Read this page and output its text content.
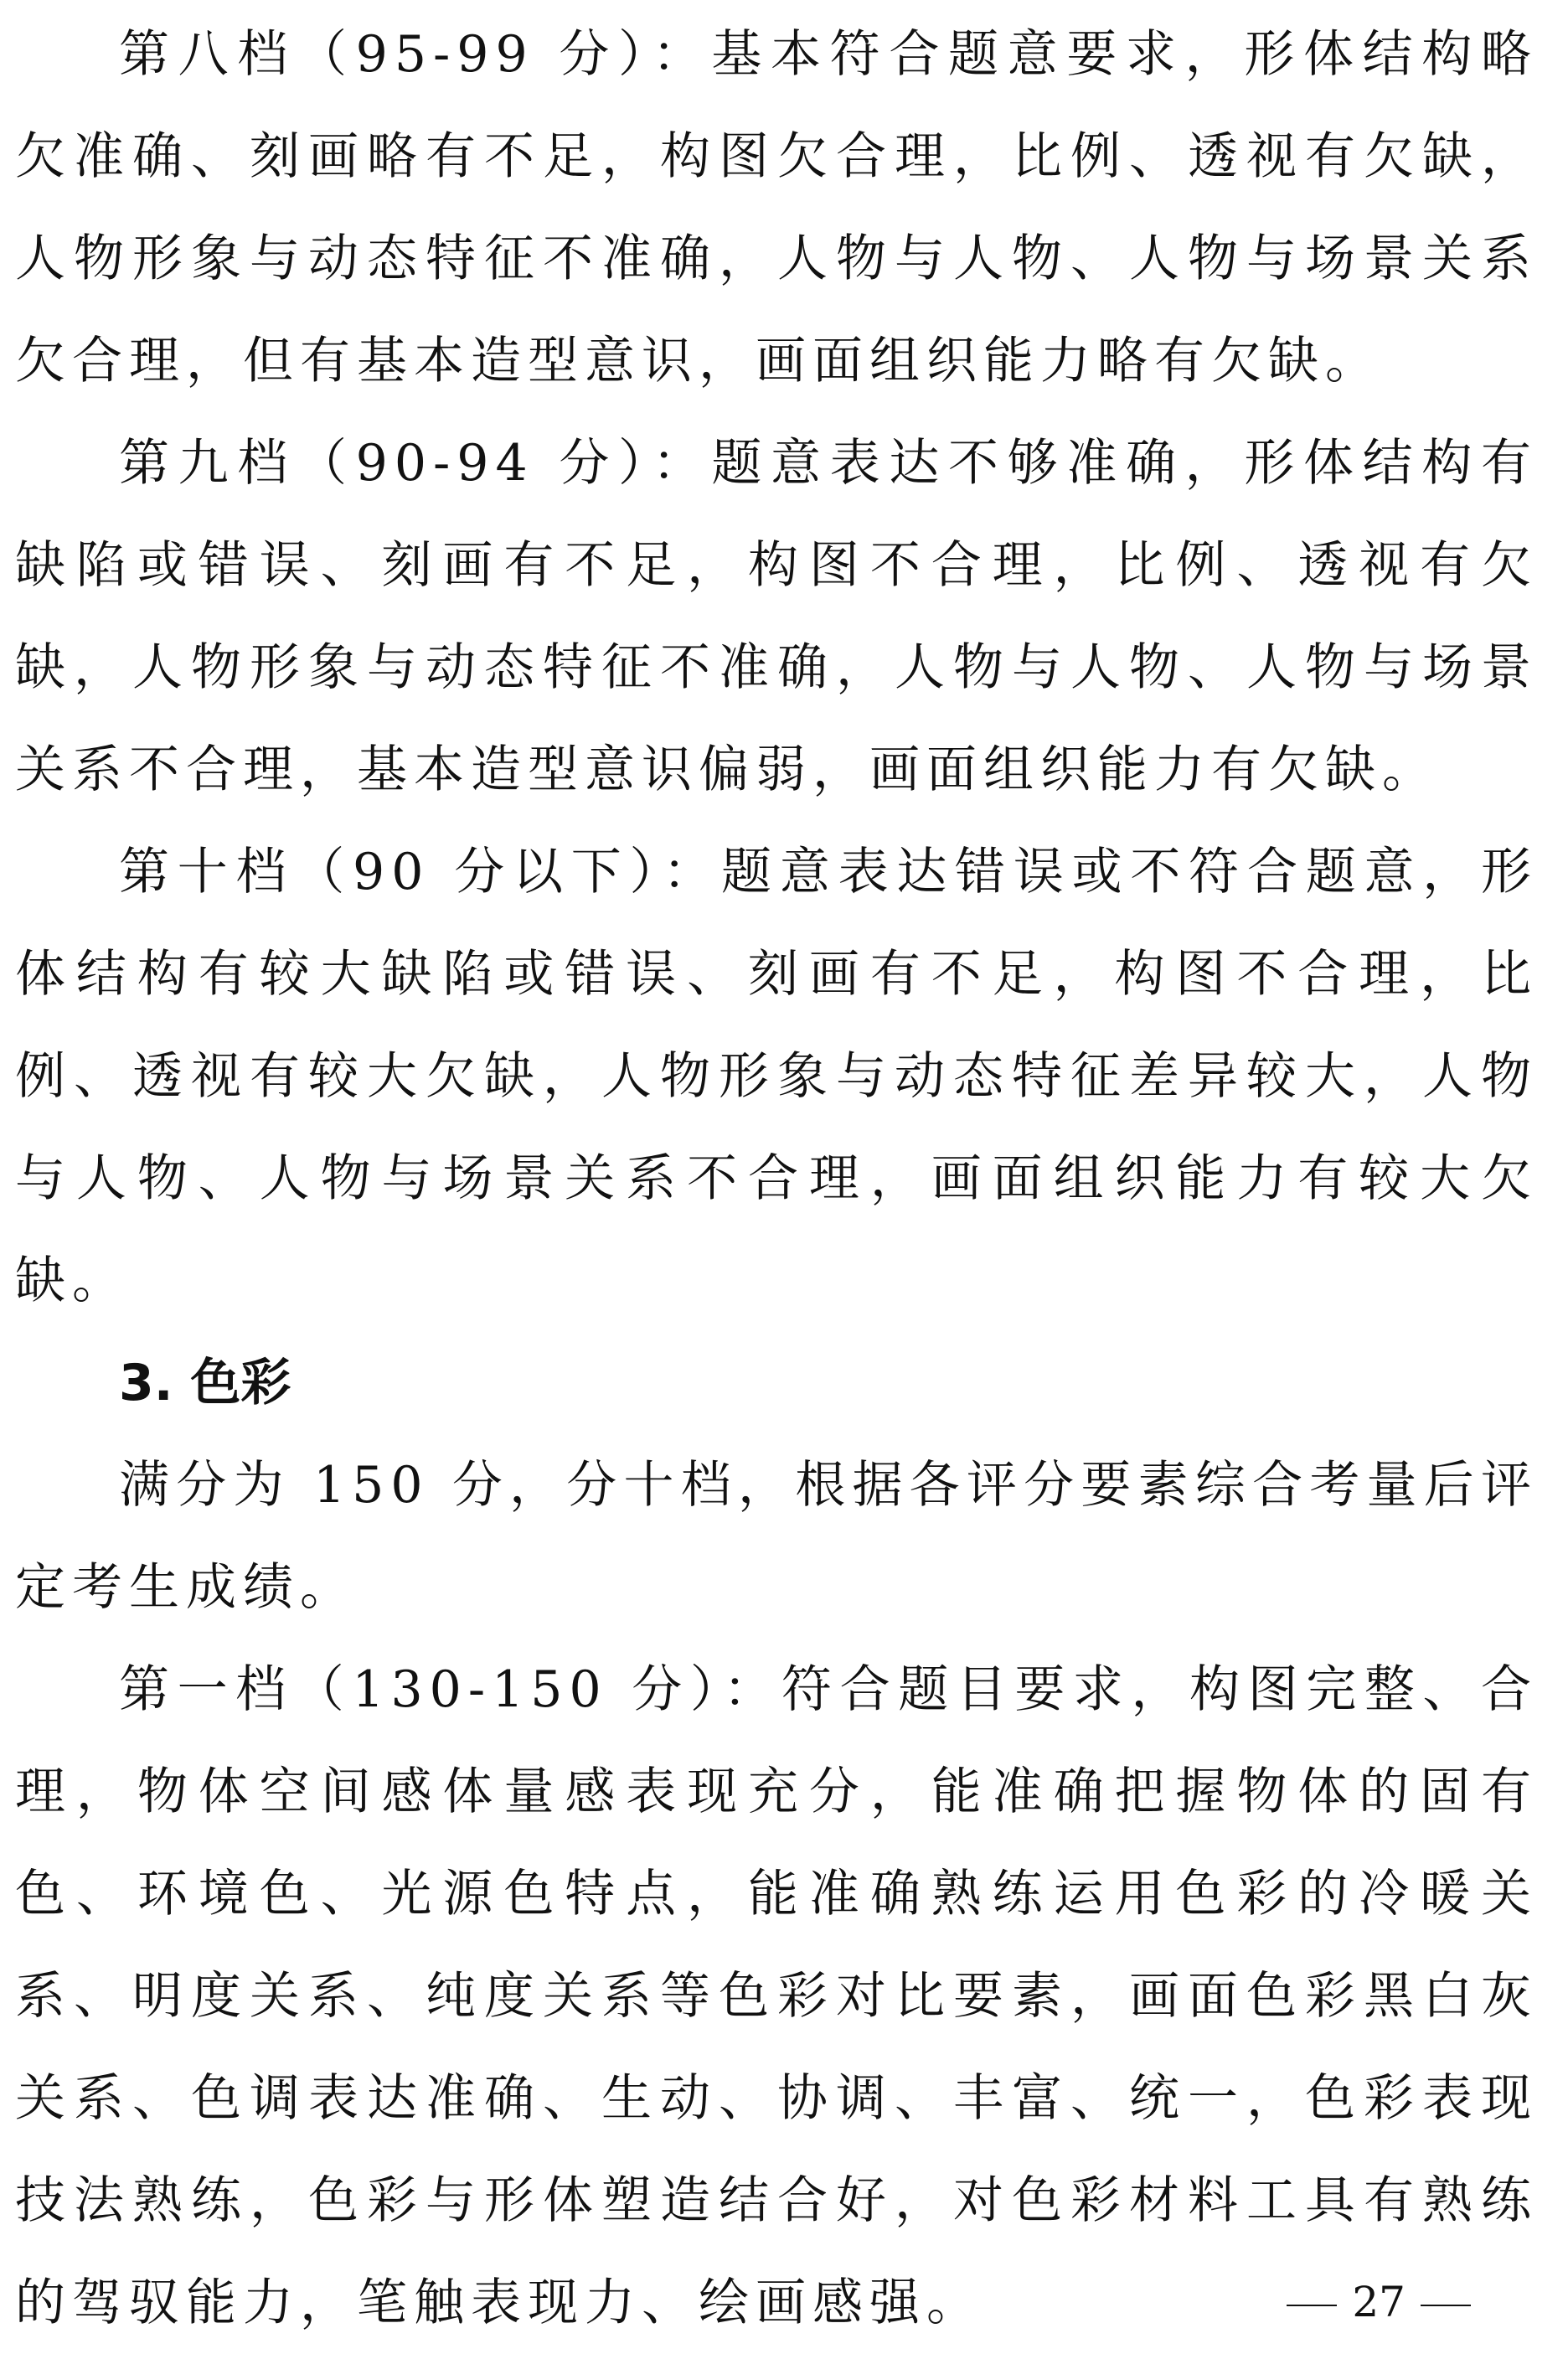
第八档（95-99 分）：基本符合题意要求，形体结构略欠准确、刻画略有不足，构图欠合理，比例、透视有欠缺，人物形象与动态特征不准确，人物与人物、人物与场景关系欠合理，但有基本造型意识，画面组织能力略有欠缺。

第九档（90-94 分）：题意表达不够准确，形体结构有缺陷或错误、刻画有不足，构图不合理，比例、透视有欠缺，人物形象与动态特征不准确，人物与人物、人物与场景关系不合理，基本造型意识偏弱，画面组织能力有欠缺。

第十档（90 分以下）：题意表达错误或不符合题意，形体结构有较大缺陷或错误、刻画有不足，构图不合理，比例、透视有较大欠缺，人物形象与动态特征差异较大，人物与人物、人物与场景关系不合理，画面组织能力有较大欠缺。

3. 色彩

满分为 150 分，分十档，根据各评分要素综合考量后评定考生成绩。

第一档（130-150 分）：符合题目要求，构图完整、合理，物体空间感体量感表现充分，能准确把握物体的固有色、环境色、光源色特点，能准确熟练运用色彩的冷暖关系、明度关系、纯度关系等色彩对比要素，画面色彩黑白灰关系、色调表达准确、生动、协调、丰富、统一，色彩表现技法熟练，色彩与形体塑造结合好，对色彩材料工具有熟练的驾驭能力，笔触表现力、绘画感强。	27
